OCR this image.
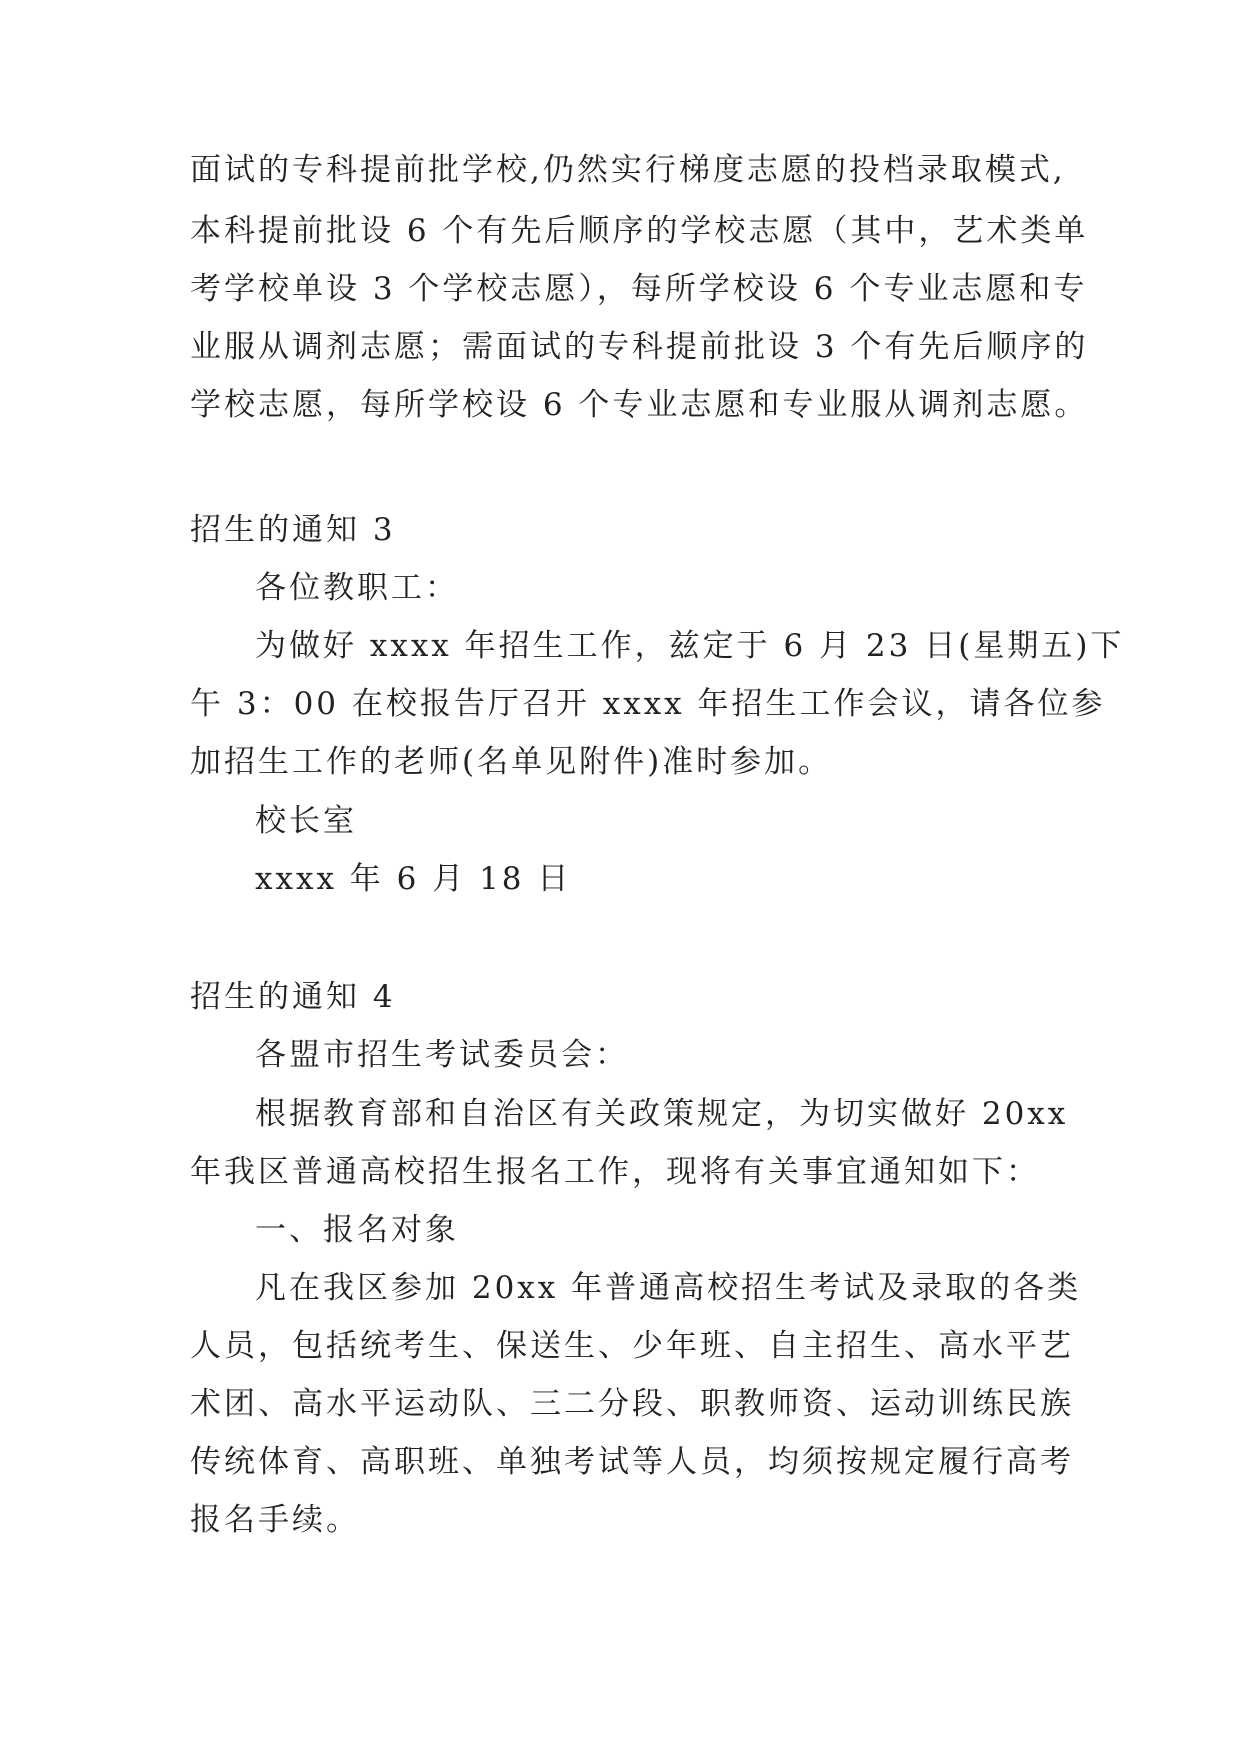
面试的专科提前批学校,仍然实行梯度志愿的投档录取模式,
本科提前批设 6 个有先后顺序的学校志愿（其中，艺术类单
考学校单设 3 个学校志愿），每所学校设 6 个专业志愿和专
业服从调剂志愿；需面试的专科提前批设 3 个有先后顺序的
学校志愿，每所学校设 6 个专业志愿和专业服从调剂志愿。
招生的通知 3
各位教职工：
为做好 xxxx 年招生工作，兹定于 6 月 23 日(星期五)下
午 3：00 在校报告厅召开 xxxx 年招生工作会议，请各位参
加招生工作的老师(名单见附件)准时参加。
校长室
xxxx 年 6 月 18 日
招生的通知 4
各盟市招生考试委员会：
根据教育部和自治区有关政策规定，为切实做好 20xx
年我区普通高校招生报名工作，现将有关事宜通知如下：
一、报名对象
凡在我区参加 20xx 年普通高校招生考试及录取的各类
人员，包括统考生、保送生、少年班、自主招生、高水平艺
术团、高水平运动队、三二分段、职教师资、运动训练民族
传统体育、高职班、单独考试等人员，均须按规定履行高考
报名手续。
